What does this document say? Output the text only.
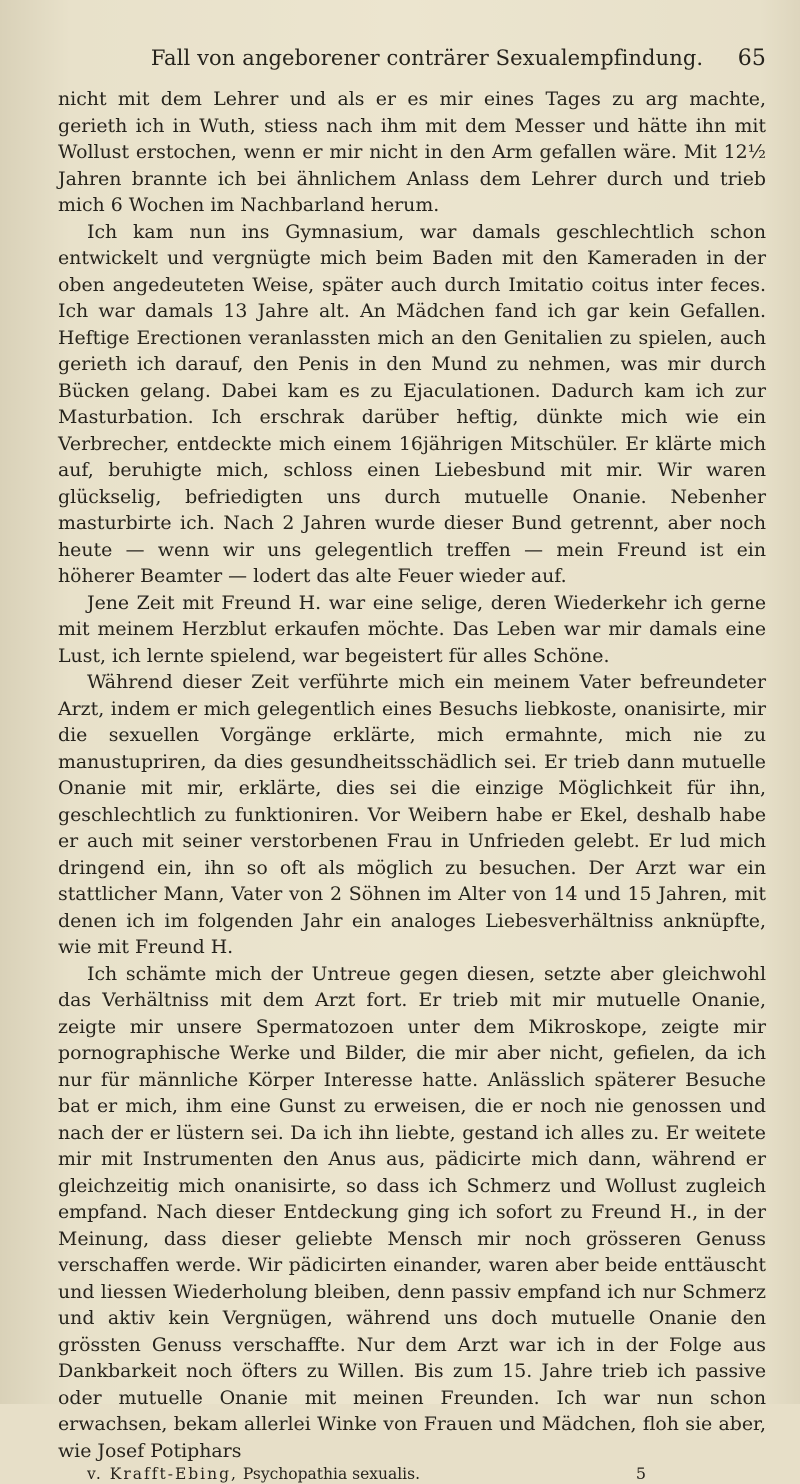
Fall von angeborener conträrer Sexualempfindung. 65

nicht mit dem Lehrer und als er es mir eines Tages zu arg machte, gerieth ich in Wuth, stiess nach ihm mit dem Messer und hätte ihn mit Wollust erstochen, wenn er mir nicht in den Arm gefallen wäre. Mit 12½ Jahren brannte ich bei ähnlichem Anlass dem Lehrer durch und trieb mich 6 Wochen im Nachbarland herum.

Ich kam nun ins Gymnasium, war damals geschlechtlich schon entwickelt und vergnügte mich beim Baden mit den Kameraden in der oben angedeuteten Weise, später auch durch Imitatio coitus inter feces. Ich war damals 13 Jahre alt. An Mädchen fand ich gar kein Gefallen. Heftige Erectionen veranlassten mich an den Genitalien zu spielen, auch gerieth ich darauf, den Penis in den Mund zu nehmen, was mir durch Bücken gelang. Dabei kam es zu Ejaculationen. Dadurch kam ich zur Masturbation. Ich erschrak darüber heftig, dünkte mich wie ein Verbrecher, entdeckte mich einem 16jährigen Mitschüler. Er klärte mich auf, beruhigte mich, schloss einen Liebesbund mit mir. Wir waren glückselig, befriedigten uns durch mutuelle Onanie. Nebenher masturbirte ich. Nach 2 Jahren wurde dieser Bund getrennt, aber noch heute — wenn wir uns gelegentlich treffen — mein Freund ist ein höherer Beamter — lodert das alte Feuer wieder auf.

Jene Zeit mit Freund H. war eine selige, deren Wiederkehr ich gerne mit meinem Herzblut erkaufen möchte. Das Leben war mir damals eine Lust, ich lernte spielend, war begeistert für alles Schöne.

Während dieser Zeit verführte mich ein meinem Vater befreundeter Arzt, indem er mich gelegentlich eines Besuchs liebkoste, onanisirte, mir die sexuellen Vorgänge erklärte, mich ermahnte, mich nie zu manustupriren, da dies gesundheitsschädlich sei. Er trieb dann mutuelle Onanie mit mir, erklärte, dies sei die einzige Möglichkeit für ihn, geschlechtlich zu funktioniren. Vor Weibern habe er Ekel, deshalb habe er auch mit seiner verstorbenen Frau in Unfrieden gelebt. Er lud mich dringend ein, ihn so oft als möglich zu besuchen. Der Arzt war ein stattlicher Mann, Vater von 2 Söhnen im Alter von 14 und 15 Jahren, mit denen ich im folgenden Jahr ein analoges Liebesverhältniss anknüpfte, wie mit Freund H.

Ich schämte mich der Untreue gegen diesen, setzte aber gleichwohl das Verhältniss mit dem Arzt fort. Er trieb mit mir mutuelle Onanie, zeigte mir unsere Spermatozoen unter dem Mikroskope, zeigte mir pornographische Werke und Bilder, die mir aber nicht, gefielen, da ich nur für männliche Körper Interesse hatte. Anlässlich späterer Besuche bat er mich, ihm eine Gunst zu erweisen, die er noch nie genossen und nach der er lüstern sei. Da ich ihn liebte, gestand ich alles zu. Er weitete mir mit Instrumenten den Anus aus, pädicirte mich dann, während er gleichzeitig mich onanisirte, so dass ich Schmerz und Wollust zugleich empfand. Nach dieser Entdeckung ging ich sofort zu Freund H., in der Meinung, dass dieser geliebte Mensch mir noch grösseren Genuss verschaffen werde. Wir pädicirten einander, waren aber beide enttäuscht und liessen Wiederholung bleiben, denn passiv empfand ich nur Schmerz und aktiv kein Vergnügen, während uns doch mutuelle Onanie den grössten Genuss verschaffte. Nur dem Arzt war ich in der Folge aus Dankbarkeit noch öfters zu Willen. Bis zum 15. Jahre trieb ich passive oder mutuelle Onanie mit meinen Freunden. Ich war nun schon erwachsen, bekam allerlei Winke von Frauen und Mädchen, floh sie aber, wie Josef Potiphars

v. Krafft-Ebing, Psychopathia sexualis.	5
